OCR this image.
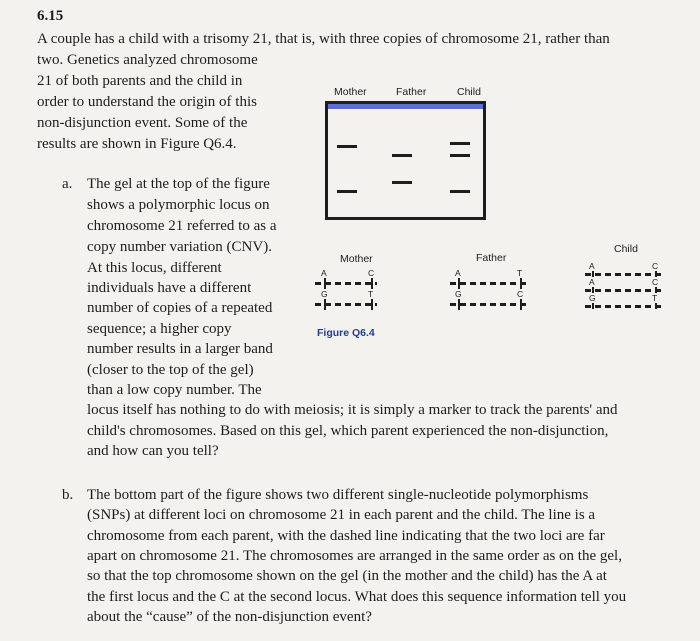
6.15
A couple has a child with a trisomy 21, that is, with three copies of chromosome 21, rather than
two. Genetics analyzed chromosome
21 of both parents and the child in
order to understand the origin of this
non-disjunction event. Some of the
results are shown in Figure Q6.4.
a. The gel at the top of the figure
shows a polymorphic locus on
chromosome 21 referred to as a
copy number variation (CNV).
At this locus, different
individuals have a different
number of copies of a repeated
sequence; a higher copy
number results in a larger band
(closer to the top of the gel)
than a low copy number. The
locus itself has nothing to do with meiosis; it is simply a marker to track the parents' and
child's chromosomes. Based on this gel, which parent experienced the non-disjunction,
and how can you tell?
b. The bottom part of the figure shows two different single-nucleotide polymorphisms
(SNPs) at different loci on chromosome 21 in each parent and the child. The line is a
chromosome from each parent, with the dashed line indicating that the two loci are far
apart on chromosome 21. The chromosomes are arranged in the same order as on the gel,
so that the top chromosome shown on the gel (in the mother and the child) has the A at
the first locus and the C at the second locus. What does this sequence information tell you
about the “cause” of the non-disjunction event?
Mother	Father	Child
Mother
A
G
C
T
Father
A
G
T
C
Child
A
A
G
C
C
T
Figure Q6.4
